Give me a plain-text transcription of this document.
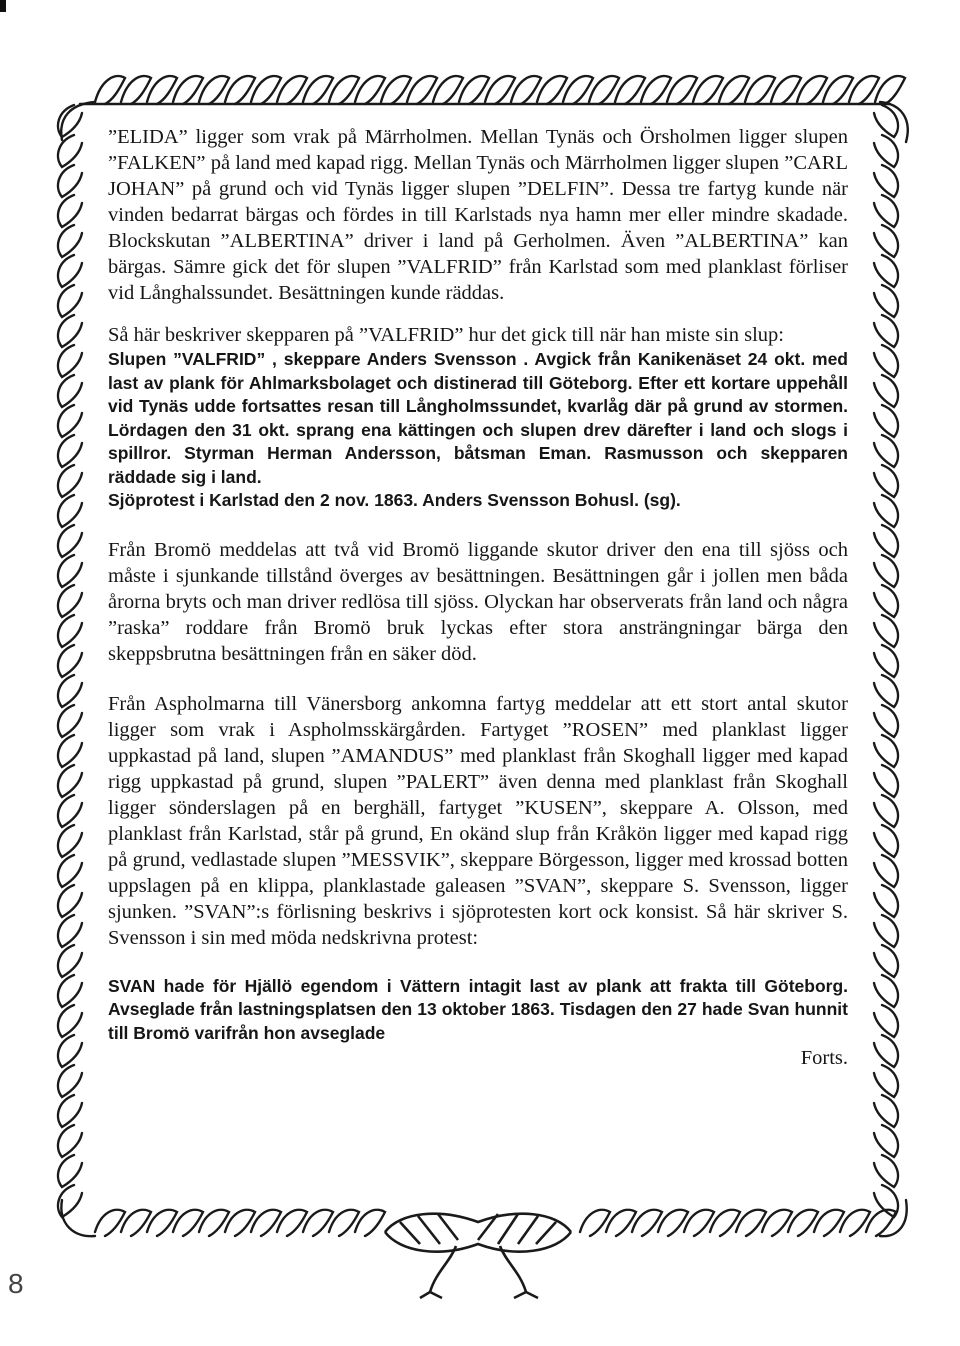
”ELIDA” ligger som vrak på Märrholmen. Mellan Tynäs och Örsholmen ligger slupen ”FALKEN” på land med kapad rigg. Mellan Tynäs och Märrholmen ligger slupen ”CARL JOHAN” på grund och vid Tynäs ligger slupen ”DELFIN”. Dessa tre fartyg kunde när vinden bedarrat bärgas och fördes in till Karlstads nya hamn mer eller mindre skadade. Blockskutan ”ALBERTINA” driver i land på Gerholmen. Även ”ALBERTINA” kan bärgas. Sämre gick det för slupen ”VALFRID” från Karlstad som med planklast förliser vid Långhalssundet. Besättningen kunde räddas.

Så här beskriver skepparen på ”VALFRID” hur det gick till när han miste sin slup:

Slupen ”VALFRID” , skeppare Anders Svensson . Avgick från Kanikenäset 24 okt. med last av plank för Ahlmarksbolaget och distinerad till Göteborg. Efter ett kortare uppehåll vid Tynäs udde fortsattes resan till Långholmssundet, kvarlåg där på grund av stormen. Lördagen den 31 okt. sprang ena kättingen och slupen drev därefter i land och slogs i spillror. Styrman Herman Andersson, båtsman Eman. Rasmusson och skepparen räddade sig i land.

Sjöprotest i Karlstad den 2 nov. 1863. Anders Svensson Bohusl. (sg).

Från Bromö meddelas att två vid Bromö liggande skutor driver den ena till sjöss och måste i sjunkande tillstånd överges av besättningen. Besättningen går i jollen men båda årorna bryts och man driver redlösa till sjöss. Olyckan har observerats från land och några ”raska” roddare från Bromö bruk lyckas efter stora ansträngningar bärga den skeppsbrutna besättningen från en säker död.

Från Aspholmarna till Vänersborg ankomna fartyg meddelar att ett stort antal skutor ligger som vrak i Aspholmsskärgården. Fartyget ”ROSEN” med planklast ligger uppkastad på land, slupen ”AMANDUS” med planklast från Skoghall ligger med kapad rigg uppkastad på grund, slupen ”PALERT” även denna med planklast från Skoghall ligger sönderslagen på en berghäll, fartyget ”KUSEN”, skeppare A. Olsson, med planklast från Karlstad, står på grund, En okänd slup från Kråkön ligger med kapad rigg på grund, vedlastade slupen ”MESSVIK”, skeppare Börgesson, ligger med krossad botten uppslagen på en klippa, planklastade galeasen ”SVAN”, skeppare S. Svensson, ligger sjunken. ”SVAN”:s förlisning beskrivs i sjöprotesten kort ock konsist. Så här skriver S. Svensson i sin med möda nedskrivna protest:

SVAN hade för Hjällö egendom i Vättern intagit last av plank att frakta till Göteborg. Avseglade från lastningsplatsen den 13 oktober 1863. Tisdagen den 27 hade Svan hunnit till Bromö varifrån hon avseglade

Forts.

8
